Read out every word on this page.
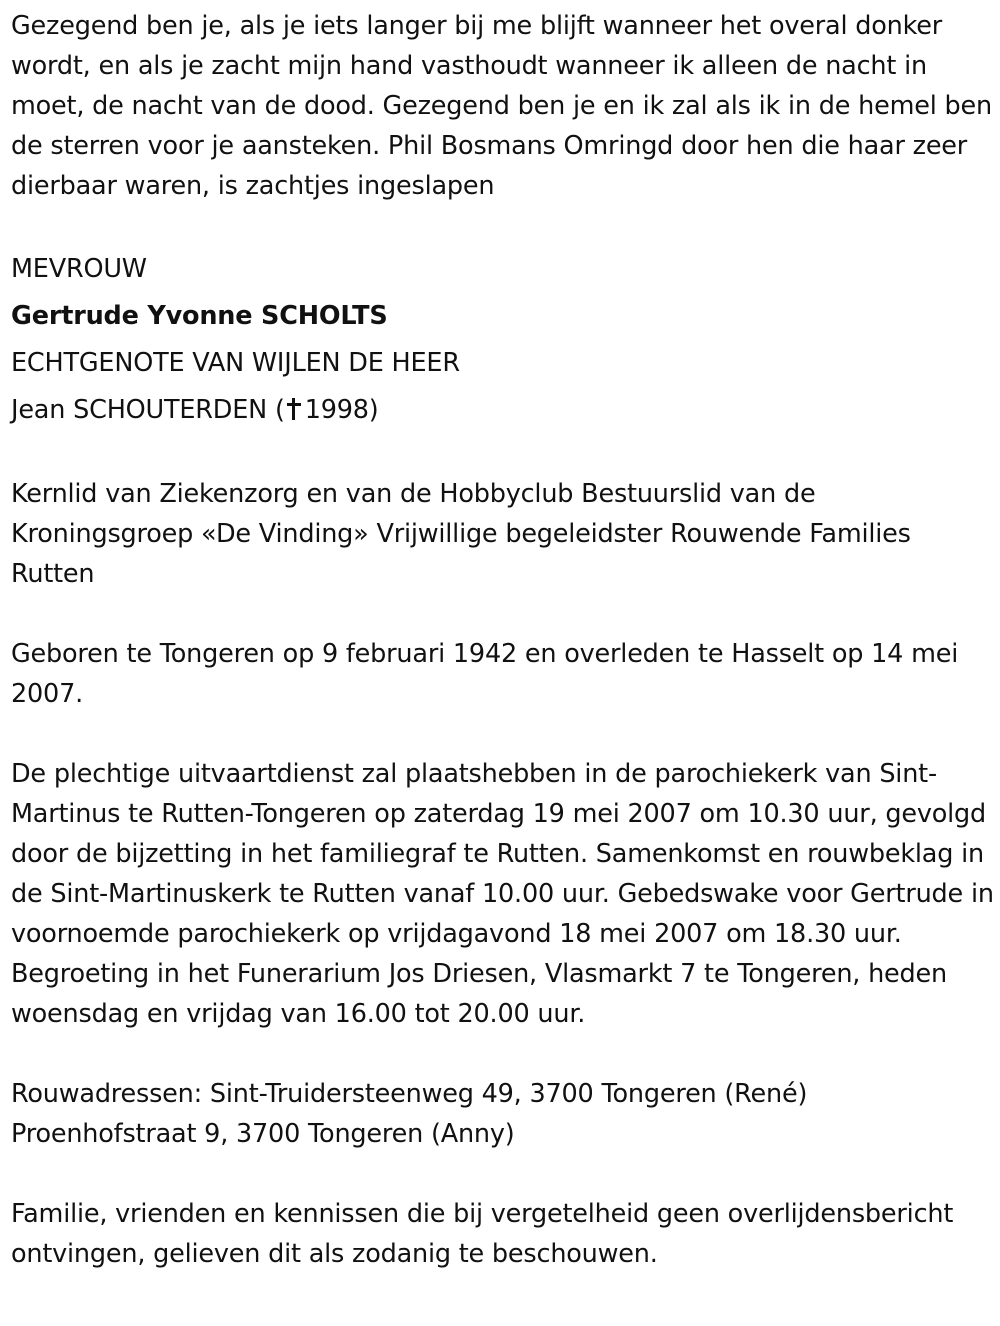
Gezegend ben je, als je iets langer bij me blijft wanneer het overal donker wordt, en als je zacht mijn hand vasthoudt wanneer ik alleen de nacht in moet, de nacht van de dood. Gezegend ben je en ik zal als ik in de hemel ben de sterren voor je aansteken. Phil Bosmans Omringd door hen die haar zeer dierbaar waren, is zachtjes ingeslapen

MEVROUW
Gertrude Yvonne SCHOLTS
ECHTGENOTE VAN WIJLEN DE HEER
Jean SCHOUTERDEN ( 1998)

Kernlid van Ziekenzorg en van de Hobbyclub Bestuurslid van de Kroningsgroep «De Vinding» Vrijwillige begeleidster Rouwende Families Rutten

Geboren te Tongeren op 9 februari 1942 en overleden te Hasselt op 14 mei 2007.

De plechtige uitvaartdienst zal plaatshebben in de parochiekerk van Sint-Martinus te Rutten-Tongeren op zaterdag 19 mei 2007 om 10.30 uur, gevolgd door de bijzetting in het familiegraf te Rutten. Samenkomst en rouwbeklag in de Sint-Martinuskerk te Rutten vanaf 10.00 uur. Gebedswake voor Gertrude in voornoemde parochiekerk op vrijdagavond 18 mei 2007 om 18.30 uur. Begroeting in het Funerarium Jos Driesen, Vlasmarkt 7 te Tongeren, heden woensdag en vrijdag van 16.00 tot 20.00 uur.

Rouwadressen: Sint-Truidersteenweg 49, 3700 Tongeren (René)
Proenhofstraat 9, 3700 Tongeren (Anny)

Familie, vrienden en kennissen die bij vergetelheid geen overlijdensbericht ontvingen, gelieven dit als zodanig te beschouwen.
